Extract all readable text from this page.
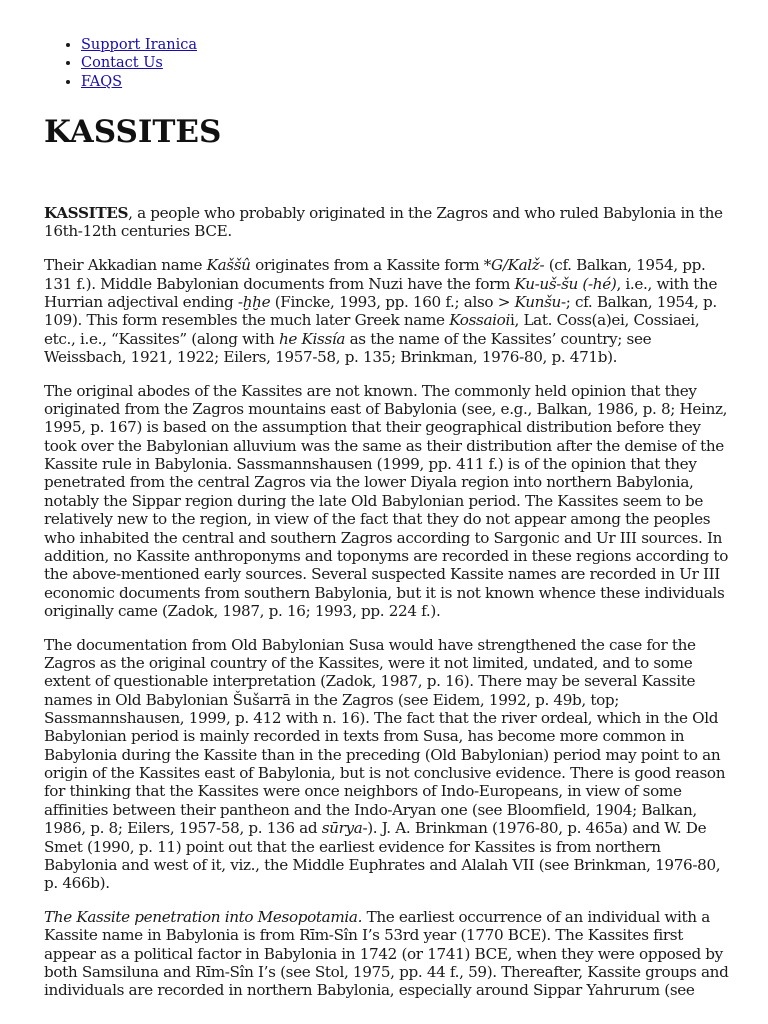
• Support Iranica
• Contact Us
• FAQS
KASSITES

KASSITES, a people who probably originated in the Zagros and who ruled Babylonia in the 16th-12th centuries BCE.

Their Akkadian name Kaššû originates from a Kassite form *G/Kalž- (cf. Balkan, 1954, pp. 131 f.). Middle Babylonian documents from Nuzi have the form Ku-uš-šu (-hé), i.e., with the Hurrian adjectival ending -ḫḫe (Fincke, 1993, pp. 160 f.; also > Kunšu-; cf. Balkan, 1954, p. 109). This form resembles the much later Greek name Kossaioii, Lat. Coss(a)ei, Cossiaei, etc., i.e., “Kassites” (along with he Kissía as the name of the Kassites’ country; see Weissbach, 1921, 1922; Eilers, 1957-58, p. 135; Brinkman, 1976-80, p. 471b).

The original abodes of the Kassites are not known. The commonly held opinion that they originated from the Zagros mountains east of Babylonia (see, e.g., Balkan, 1986, p. 8; Heinz, 1995, p. 167) is based on the assumption that their geographical distribution before they took over the Babylonian alluvium was the same as their distribution after the demise of the Kassite rule in Babylonia. Sassmannshausen (1999, pp. 411 f.) is of the opinion that they penetrated from the central Zagros via the lower Diyala region into northern Babylonia, notably the Sippar region during the late Old Babylonian period. The Kassites seem to be relatively new to the region, in view of the fact that they do not appear among the peoples who inhabited the central and southern Zagros according to Sargonic and Ur III sources. In addition, no Kassite anthroponyms and toponyms are recorded in these regions according to the above-mentioned early sources. Several suspected Kassite names are recorded in Ur III economic documents from southern Babylonia, but it is not known whence these individuals originally came (Zadok, 1987, p. 16; 1993, pp. 224 f.).

The documentation from Old Babylonian Susa would have strengthened the case for the Zagros as the original country of the Kassites, were it not limited, undated, and to some extent of questionable interpretation (Zadok, 1987, p. 16). There may be several Kassite names in Old Babylonian Šušarrā in the Zagros (see Eidem, 1992, p. 49b, top; Sassmannshausen, 1999, p. 412 with n. 16). The fact that the river ordeal, which in the Old Babylonian period is mainly recorded in texts from Susa, has become more common in Babylonia during the Kassite than in the preceding (Old Babylonian) period may point to an origin of the Kassites east of Babylonia, but is not conclusive evidence. There is good reason for thinking that the Kassites were once neighbors of Indo-Europeans, in view of some affinities between their pantheon and the Indo-Aryan one (see Bloomfield, 1904; Balkan, 1986, p. 8; Eilers, 1957-58, p. 136 ad sūrya-). J. A. Brinkman (1976-80, p. 465a) and W. De Smet (1990, p. 11) point out that the earliest evidence for Kassites is from northern Babylonia and west of it, viz., the Middle Euphrates and Alalah VII (see Brinkman, 1976-80, p. 466b).

The Kassite penetration into Mesopotamia. The earliest occurrence of an individual with a Kassite name in Babylonia is from Rīm-Sîn I’s 53rd year (1770 BCE). The Kassites first appear as a political factor in Babylonia in 1742 (or 1741) BCE, when they were opposed by both Samsiluna and Rīm-Sîn I’s (see Stol, 1975, pp. 44 f., 59). Thereafter, Kassite groups and individuals are recorded in northern Babylonia, especially around Sippar Yahrurum (see
